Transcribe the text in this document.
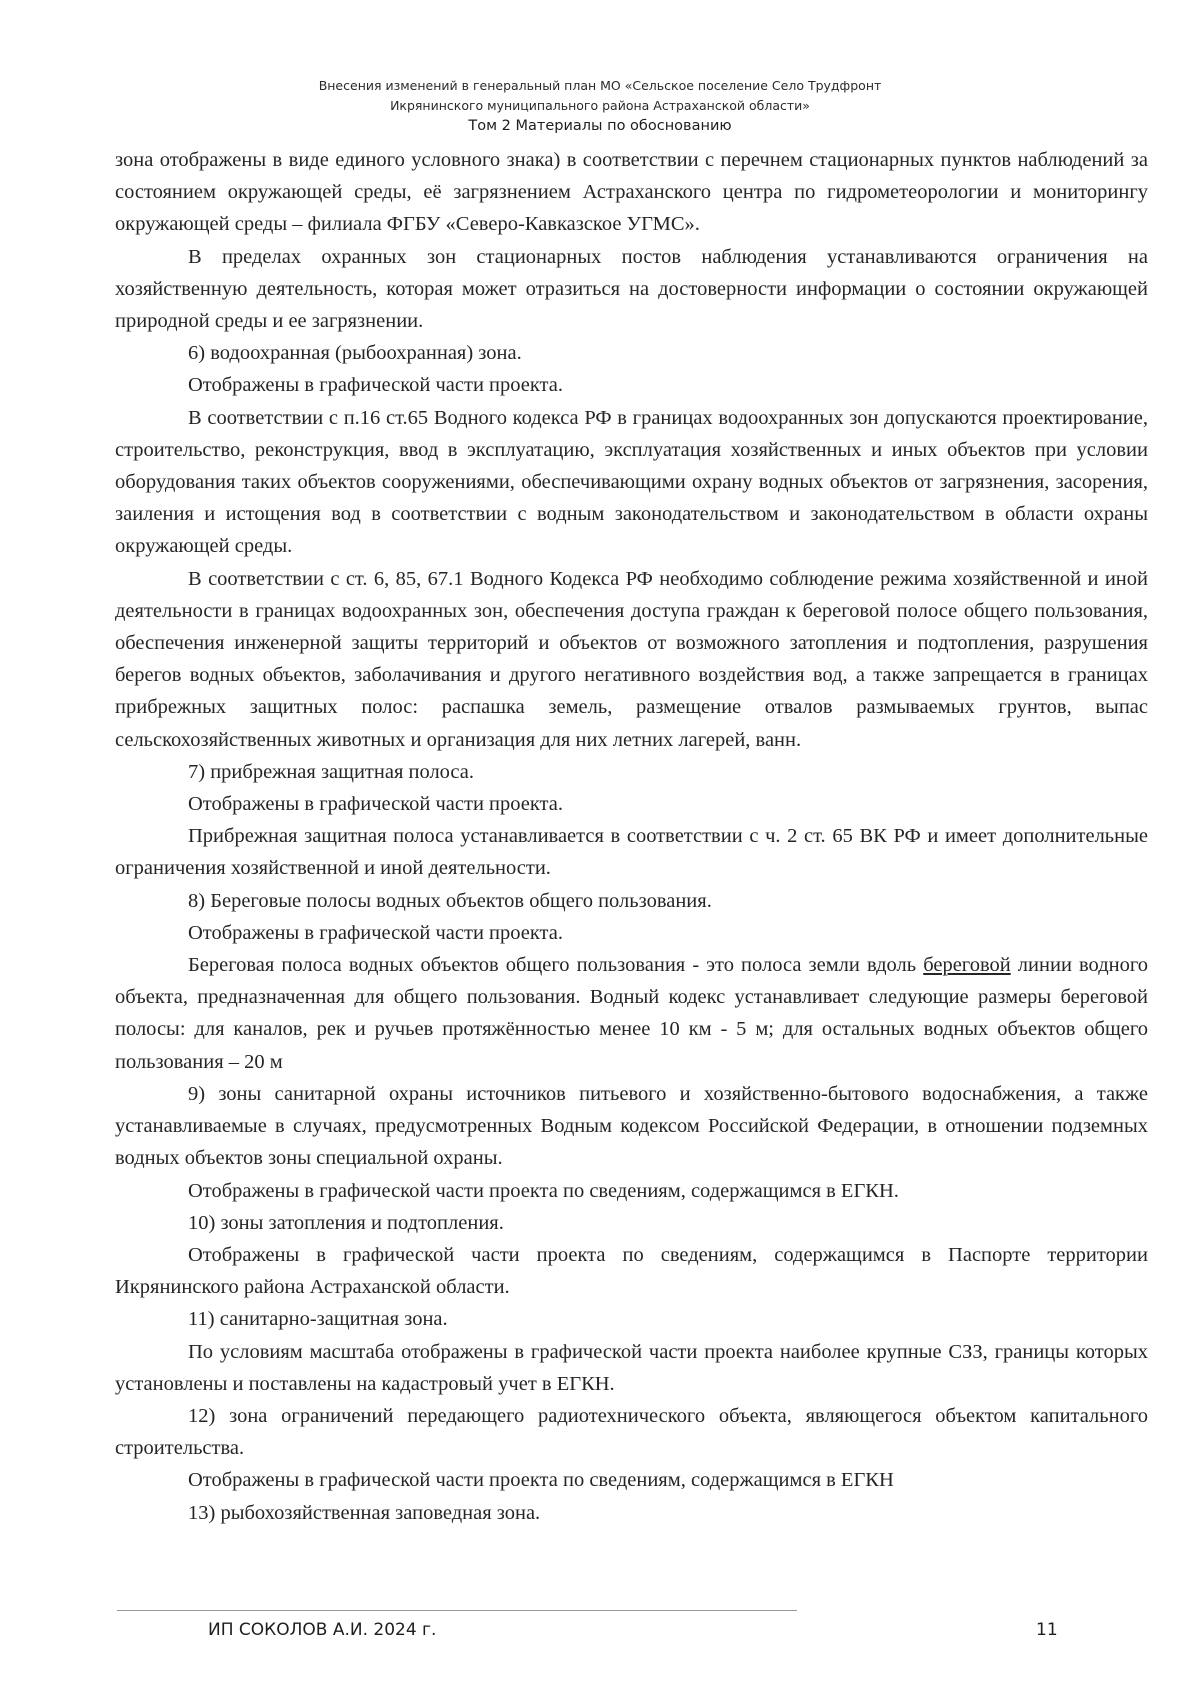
Внесения изменений в генеральный план МО «Сельское поселение Село Трудфронт
Икрянинского муниципального района Астраханской области»
Том 2 Материалы по обоснованию

зона отображены в виде единого условного знака) в соответствии с перечнем стационарных пунктов наблюдений за состоянием окружающей среды, её загрязнением Астраханского центра по гидрометеорологии и мониторингу окружающей среды – филиала ФГБУ «Северо-Кавказское УГМС».

В пределах охранных зон стационарных постов наблюдения устанавливаются ограничения на хозяйственную деятельность, которая может отразиться на достоверности информации о состоянии окружающей природной среды и ее загрязнении.

6) водоохранная (рыбоохранная) зона.

Отображены в графической части проекта.

В соответствии с п.16 ст.65 Водного кодекса РФ в границах водоохранных зон допускаются проектирование, строительство, реконструкция, ввод в эксплуатацию, эксплуатация хозяйственных и иных объектов при условии оборудования таких объектов сооружениями, обеспечивающими охрану водных объектов от загрязнения, засорения, заиления и истощения вод в соответствии с водным законодательством и законодательством в области охраны окружающей среды.

В соответствии с ст. 6, 85, 67.1 Водного Кодекса РФ необходимо соблюдение режима хозяйственной и иной деятельности в границах водоохранных зон, обеспечения доступа граждан к береговой полосе общего пользования, обеспечения инженерной защиты территорий и объектов от возможного затопления и подтопления, разрушения берегов водных объектов, заболачивания и другого негативного воздействия вод, а также запрещается в границах прибрежных защитных полос: распашка земель, размещение отвалов размываемых грунтов, выпас сельскохозяйственных животных и организация для них летних лагерей, ванн.

7) прибрежная защитная полоса.

Отображены в графической части проекта.

Прибрежная защитная полоса устанавливается в соответствии с ч. 2 ст. 65 ВК РФ и имеет дополнительные ограничения хозяйственной и иной деятельности.

8) Береговые полосы водных объектов общего пользования.

Отображены в графической части проекта.

Береговая полоса водных объектов общего пользования - это полоса земли вдоль береговой линии водного объекта, предназначенная для общего пользования. Водный кодекс устанавливает следующие размеры береговой полосы: для каналов, рек и ручьев протяжённостью менее 10 км - 5 м; для остальных водных объектов общего пользования – 20 м

9) зоны санитарной охраны источников питьевого и хозяйственно-бытового водоснабжения, а также устанавливаемые в случаях, предусмотренных Водным кодексом Российской Федерации, в отношении подземных водных объектов зоны специальной охраны.

Отображены в графической части проекта по сведениям, содержащимся в ЕГКН.

10) зоны затопления и подтопления.

Отображены в графической части проекта по сведениям, содержащимся в Паспорте территории Икрянинского района Астраханской области.

11) санитарно-защитная зона.

По условиям масштаба отображены в графической части проекта наиболее крупные СЗЗ, границы которых установлены и поставлены на кадастровый учет в ЕГКН.

12) зона ограничений передающего радиотехнического объекта, являющегося объектом капитального строительства.

Отображены в графической части проекта по сведениям, содержащимся в ЕГКН

13) рыбохозяйственная заповедная зона.

ИП СОКОЛОВ А.И. 2024 г.	11
